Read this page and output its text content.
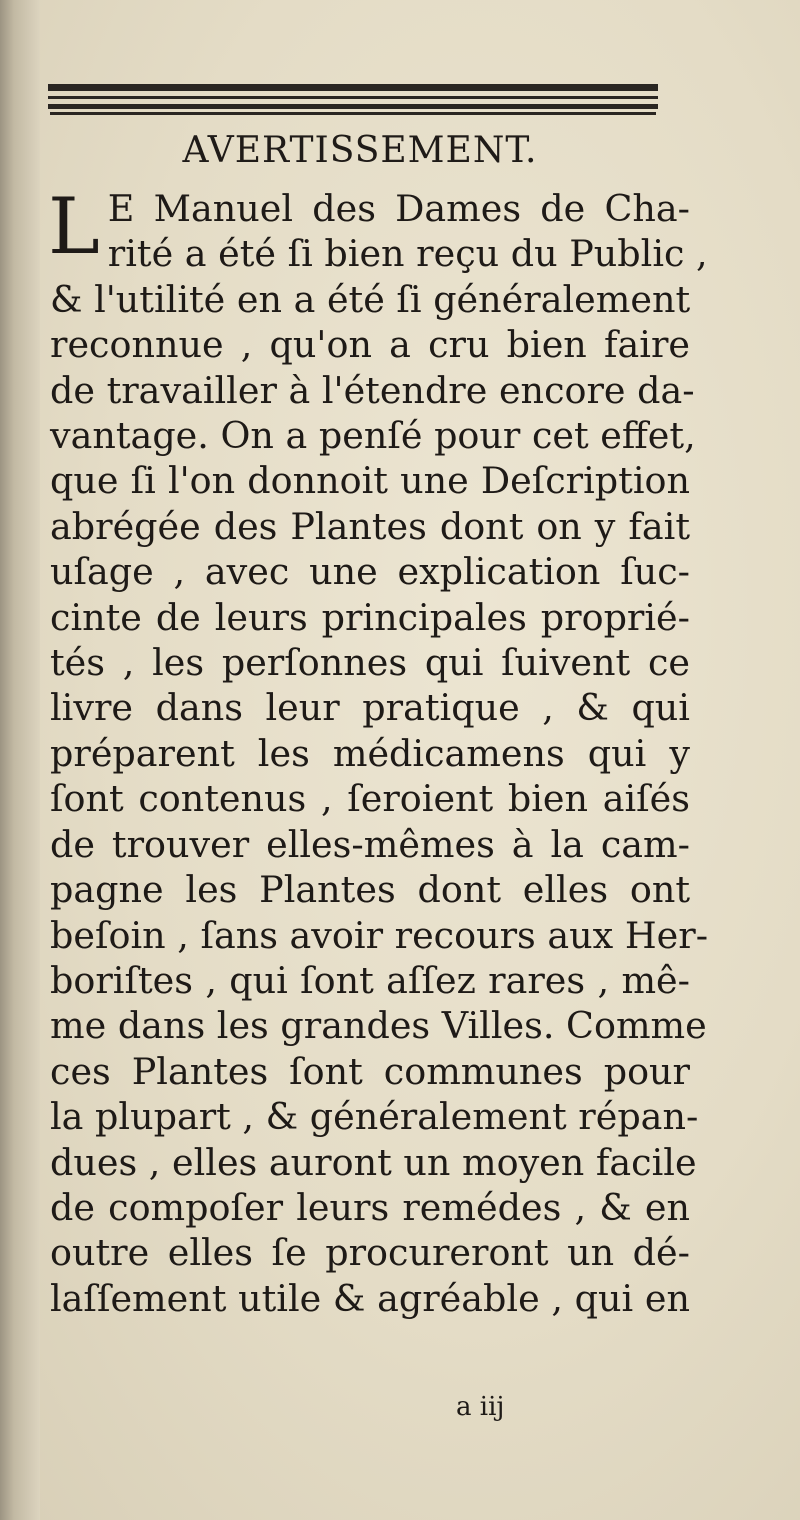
AVERTISSEMENT.
L E Manuel des Dames de Cha-
rité a été ſi bien reçu du Public ,
& l'utilité en a été ſi généralement
reconnue , qu'on a cru bien faire
de travailler à l'étendre encore da-
vantage. On a penſé pour cet effet,
que ſi l'on donnoit une Deſcription
abrégée des Plantes dont on y fait
uſage , avec une explication ſuc-
cinte de leurs principales proprié-
tés , les perſonnes qui ſuivent ce
livre dans leur pratique , & qui
préparent les médicamens qui y
ſont contenus , ſeroient bien aiſés
de trouver elles-mêmes à la cam-
pagne les Plantes dont elles ont
beſoin , ſans avoir recours aux Her-
boriſtes , qui ſont aſſez rares , mê-
me dans les grandes Villes. Comme
ces Plantes ſont communes pour
la plupart , & généralement répan-
dues , elles auront un moyen facile
de compoſer leurs remédes , & en
outre elles ſe procureront un dé-
laſſement utile & agréable , qui en
a iij
